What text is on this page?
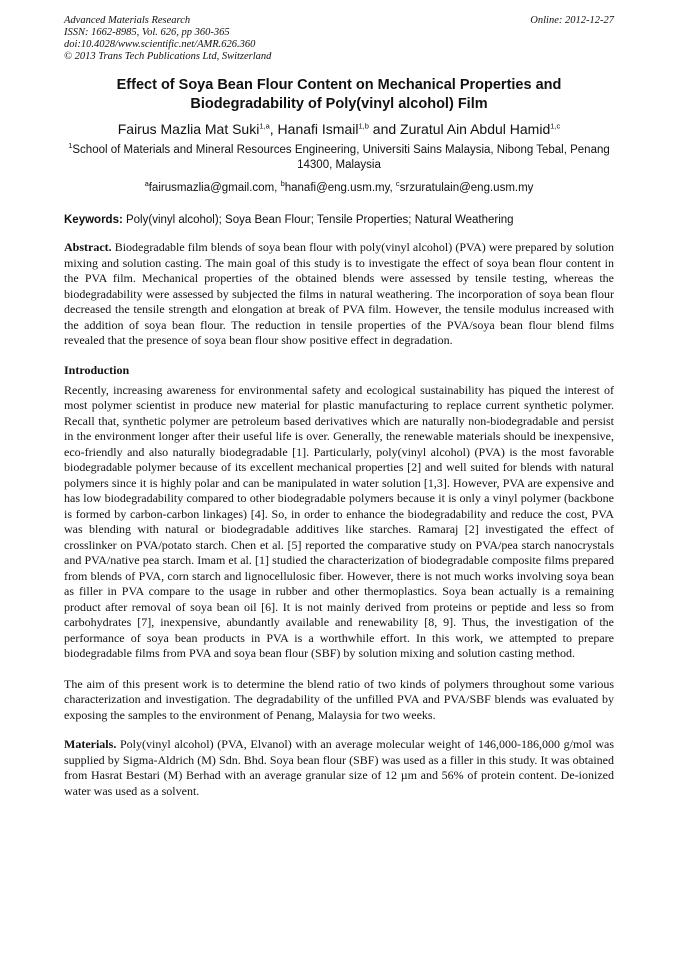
Advanced Materials Research
ISSN: 1662-8985, Vol. 626, pp 360-365
doi:10.4028/www.scientific.net/AMR.626.360
© 2013 Trans Tech Publications Ltd, Switzerland
Online: 2012-12-27
Effect of Soya Bean Flour Content on Mechanical Properties and
Biodegradability of Poly(vinyl alcohol) Film
Fairus Mazlia Mat Suki$^{1,a}$, Hanafi Ismail$^{1,b}$ and Zuratul Ain Abdul Hamid$^{1,c}$
$^1$School of Materials and Mineral Resources Engineering, Universiti Sains Malaysia, Nibong Tebal, Penang 14300, Malaysia
$^a$fairusmazlia@gmail.com, $^b$hanafi@eng.usm.my, $^c$srzuratulain@eng.usm.my
Keywords: Poly(vinyl alcohol); Soya Bean Flour; Tensile Properties; Natural Weathering
Abstract. Biodegradable film blends of soya bean flour with poly(vinyl alcohol) (PVA) were prepared by solution mixing and solution casting. The main goal of this study is to investigate the effect of soya bean flour content in the PVA film. Mechanical properties of the obtained blends were assessed by tensile testing, whereas the biodegradability were assessed by subjected the films in natural weathering. The incorporation of soya bean flour decreased the tensile strength and elongation at break of PVA film. However, the tensile modulus increased with the addition of soya bean flour. The reduction in tensile properties of the PVA/soya bean flour blend films revealed that the presence of soya bean flour show positive effect in degradation.
Introduction
Recently, increasing awareness for environmental safety and ecological sustainability has piqued the interest of most polymer scientist in produce new material for plastic manufacturing to replace current synthetic polymer. Recall that, synthetic polymer are petroleum based derivatives which are naturally non-biodegradable and persist in the environment longer after their useful life is over. Generally, the renewable materials should be inexpensive, eco-friendly and also naturally biodegradable [1]. Particularly, poly(vinyl alcohol) (PVA) is the most favorable biodegradable polymer because of its excellent mechanical properties [2] and well suited for blends with natural polymers since it is highly polar and can be manipulated in water solution [1,3]. However, PVA are expensive and has low biodegradability compared to other biodegradable polymers because it is only a vinyl polymer (backbone is formed by carbon-carbon linkages) [4]. So, in order to enhance the biodegradability and reduce the cost, PVA was blending with natural or biodegradable additives like starches. Ramaraj [2] investigated the effect of crosslinker on PVA/potato starch. Chen et al. [5] reported the comparative study on PVA/pea starch nanocrystals and PVA/native pea starch. Imam et al. [1] studied the characterization of biodegradable composite films prepared from blends of PVA, corn starch and lignocellulosic fiber. However, there is not much works involving soya bean as filler in PVA compare to the usage in rubber and other thermoplastics. Soya bean actually is a remaining product after removal of soya bean oil [6]. It is not mainly derived from proteins or peptide and less so from carbohydrates [7], inexpensive, abundantly available and renewability [8, 9]. Thus, the investigation of the performance of soya bean products in PVA is a worthwhile effort. In this work, we attempted to prepare biodegradable films from PVA and soya bean flour (SBF) by solution mixing and solution casting method.
The aim of this present work is to determine the blend ratio of two kinds of polymers throughout some various characterization and investigation. The degradability of the unfilled PVA and PVA/SBF blends was evaluated by exposing the samples to the environment of Penang, Malaysia for two weeks.
Materials. Poly(vinyl alcohol) (PVA, Elvanol) with an average molecular weight of 146,000-186,000 g/mol was supplied by Sigma-Aldrich (M) Sdn. Bhd. Soya bean flour (SBF) was used as a filler in this study. It was obtained from Hasrat Bestari (M) Berhad with an average granular size of 12 µm and 56% of protein content. De-ionized water was used as a solvent.
